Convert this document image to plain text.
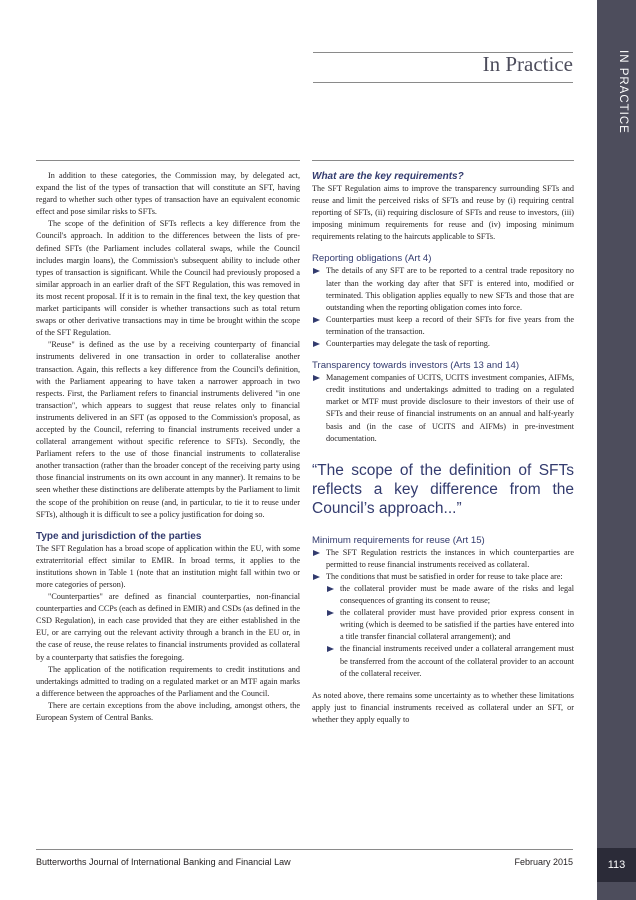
IN PRACTICE
113
In Practice

In addition to these categories, the Commission may, by delegated act, expand the list of the types of transaction that will constitute an SFT, having regard to whether such other types of transaction have an equivalent economic effect and pose similar risks to SFTs.

The scope of the definition of SFTs reflects a key difference from the Council's approach. In addition to the differences between the lists of pre-defined SFTs (the Parliament includes collateral swaps, while the Council includes margin loans), the Commission's subsequent ability to include other types of transaction is significant. While the Council had previously proposed a similar approach in an earlier draft of the SFT Regulation, this was removed in its most recent proposal. If it is to remain in the final text, the key question that market participants will consider is whether transactions such as total return swaps or other derivative transactions may in time be brought within the scope of the SFT Regulation.

"Reuse" is defined as the use by a receiving counterparty of financial instruments delivered in one transaction in order to collateralise another transaction. Again, this reflects a key difference from the Council's definition, with the Parliament appearing to have taken a narrower approach in two respects. First, the Parliament refers to financial instruments delivered "in one transaction", which appears to suggest that reuse relates only to financial instruments delivered in an SFT (as opposed to the Commission's proposal, as accepted by the Council, referring to financial instruments received under a collateral arrangement without specific reference to SFTs). Secondly, the Parliament refers to the use of those financial instruments to collateralise another transaction (rather than the broader concept of the receiving party using those financial instruments on its own account in any manner). It remains to be seen whether these distinctions are deliberate attempts by the Parliament to limit the scope of the prohibition on reuse (and, in particular, to tie it to reuse under SFTs), although it is difficult to see a policy justification for doing so.

Type and jurisdiction of the parties

The SFT Regulation has a broad scope of application within the EU, with some extraterritorial effect similar to EMIR. In broad terms, it applies to the institutions shown in Table 1 (note that an institution might fall within two or more categories of person).

"Counterparties" are defined as financial counterparties, non-financial counterparties and CCPs (each as defined in EMIR) and CSDs (as defined in the CSD Regulation), in each case provided that they are either established in the EU, or are carrying out the relevant activity through a branch in the EU or, in the case of reuse, the reuse relates to financial instruments provided as collateral by a counterparty that satisfies the foregoing.

The application of the notification requirements to credit institutions and undertakings admitted to trading on a regulated market or an MTF again marks a difference between the approaches of the Parliament and the Council.

There are certain exceptions from the above including, amongst others, the European System of Central Banks.

What are the key requirements?

The SFT Regulation aims to improve the transparency surrounding SFTs and reuse and limit the perceived risks of SFTs and reuse by (i) requiring central reporting of SFTs, (ii) requiring disclosure of SFTs and reuse to investors, (iii) imposing minimum requirements for reuse and (iv) imposing minimum requirements relating to the haircuts applicable to SFTs.

Reporting obligations (Art 4)
The details of any SFT are to be reported to a central trade repository no later than the working day after that SFT is entered into, modified or terminated. This obligation applies equally to new SFTs and those that are outstanding when the reporting obligation comes into force.
Counterparties must keep a record of their SFTs for five years from the termination of the transaction.
Counterparties may delegate the task of reporting.
Transparency towards investors (Arts 13 and 14)
Management companies of UCITS, UCITS investment companies, AIFMs, credit institutions and undertakings admitted to trading on a regulated market or MTF must provide disclosure to their investors of their use of SFTs and their reuse of financial instruments on an annual and half-yearly basis and (in the case of UCITS and AIFMs) in pre-investment documentation.

“The scope of the definition of SFTs reflects a key difference from the Council’s approach...”

Minimum requirements for reuse (Art 15)
The SFT Regulation restricts the instances in which counterparties are permitted to reuse financial instruments received as collateral.
The conditions that must be satisfied in order for reuse to take place are:
the collateral provider must be made aware of the risks and legal consequences of granting its consent to reuse;
the collateral provider must have provided prior express consent in writing (which is deemed to be satisfied if the parties have entered into a title transfer financial collateral arrangement); and
the financial instruments received under a collateral arrangement must be transferred from the account of the collateral provider to an account of the collateral receiver.

As noted above, there remains some uncertainty as to whether these limitations apply just to financial instruments received as collateral under an SFT, or whether they apply equally to

Butterworths Journal of International Banking and Financial Law	February 2015
